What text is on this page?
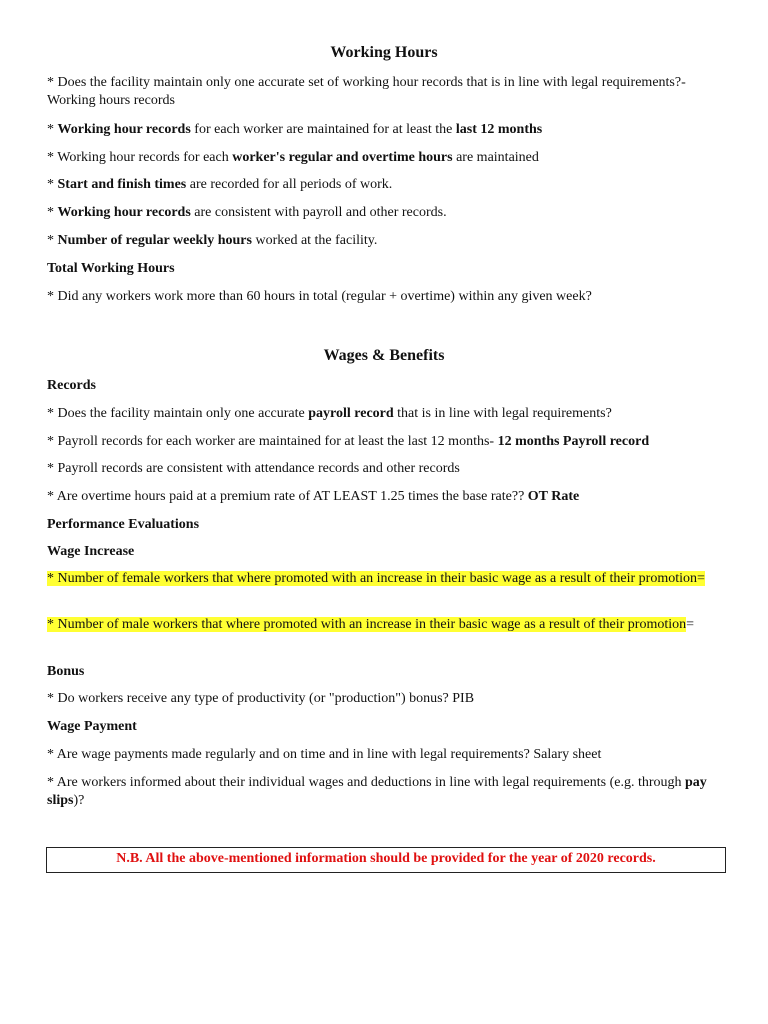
Working Hours
* Does the facility maintain only one accurate set of working hour records that is in line with legal requirements?- Working hours records
* Working hour records for each worker are maintained for at least the last 12 months
* Working hour records for each worker's regular and overtime hours are maintained
* Start and finish times are recorded for all periods of work.
* Working hour records are consistent with payroll and other records.
* Number of regular weekly hours worked at the facility.
Total Working Hours
* Did any workers work more than 60 hours in total (regular + overtime) within any given week?
Wages & Benefits
Records
* Does the facility maintain only one accurate payroll record that is in line with legal requirements?
* Payroll records for each worker are maintained for at least the last 12 months- 12 months Payroll record
* Payroll records are consistent with attendance records and other records
* Are overtime hours paid at a premium rate of AT LEAST 1.25 times the base rate?? OT Rate
Performance Evaluations
Wage Increase
* Number of female workers that where promoted with an increase in their basic wage as a result of their promotion=
* Number of male workers that where promoted with an increase in their basic wage as a result of their promotion=
Bonus
* Do workers receive any type of productivity (or "production") bonus? PIB
Wage Payment
* Are wage payments made regularly and on time and in line with legal requirements? Salary sheet
* Are workers informed about their individual wages and deductions in line with legal requirements (e.g. through pay slips)?
N.B. All the above-mentioned information should be provided for the year of 2020 records.
